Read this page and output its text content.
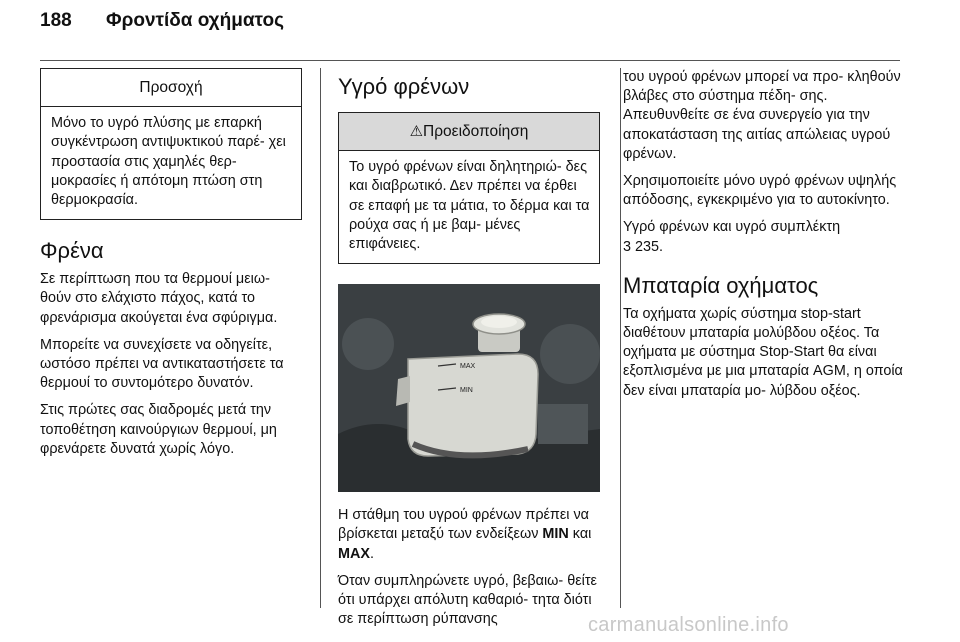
188 Φροντίδα οχήματος
Προσοχή
Μόνο το υγρό πλύσης με επαρκή συγκέντρωση αντιψυκτικού παρέ- χει προστασία στις χαμηλές θερ- μοκρασίες ή απότομη πτώση στη θερμοκρασία.
Φρένα

Σε περίπτωση που τα θερμουί μειω- θούν στο ελάχιστο πάχος, κατά το φρενάρισμα ακούγεται ένα σφύριγμα.

Μπορείτε να συνεχίσετε να οδηγείτε, ωστόσο πρέπει να αντικαταστήσετε τα θερμουί το συντομότερο δυνατόν.

Στις πρώτες σας διαδρομές μετά την τοποθέτηση καινούργιων θερμουί, μη φρενάρετε δυνατά χωρίς λόγο.

Υγρό φρένων
⚠Προειδοποίηση
Το υγρό φρένων είναι δηλητηριώ- δες και διαβρωτικό. Δεν πρέπει να έρθει σε επαφή με τα μάτια, το δέρμα και τα ρούχα σας ή με βαμ- μένες επιφάνειες.
MAX
MIN

Η στάθμη του υγρού φρένων πρέπει να βρίσκεται μεταξύ των ενδείξεων MIN και MAX.

Όταν συμπληρώνετε υγρό, βεβαιω- θείτε ότι υπάρχει απόλυτη καθαριό- τητα διότι σε περίπτωση ρύπανσης

του υγρού φρένων μπορεί να προ- κληθούν βλάβες στο σύστημα πέδη- σης. Απευθυνθείτε σε ένα συνεργείο για την αποκατάσταση της αιτίας απώλειας υγρού φρένων.

Χρησιμοποιείτε μόνο υγρό φρένων υψηλής απόδοσης, εγκεκριμένο για το αυτοκίνητο.

Υγρό φρένων και υγρό συμπλέκτη
3 235.

Μπαταρία οχήματος

Τα οχήματα χωρίς σύστημα stop-start διαθέτουν μπαταρία μολύβδου οξέος. Τα οχήματα με σύστημα Stop-Start θα είναι εξοπλισμένα με μια μπαταρία AGM, η οποία δεν είναι μπαταρία μο- λύβδου οξέος.

carmanualsonline.info
